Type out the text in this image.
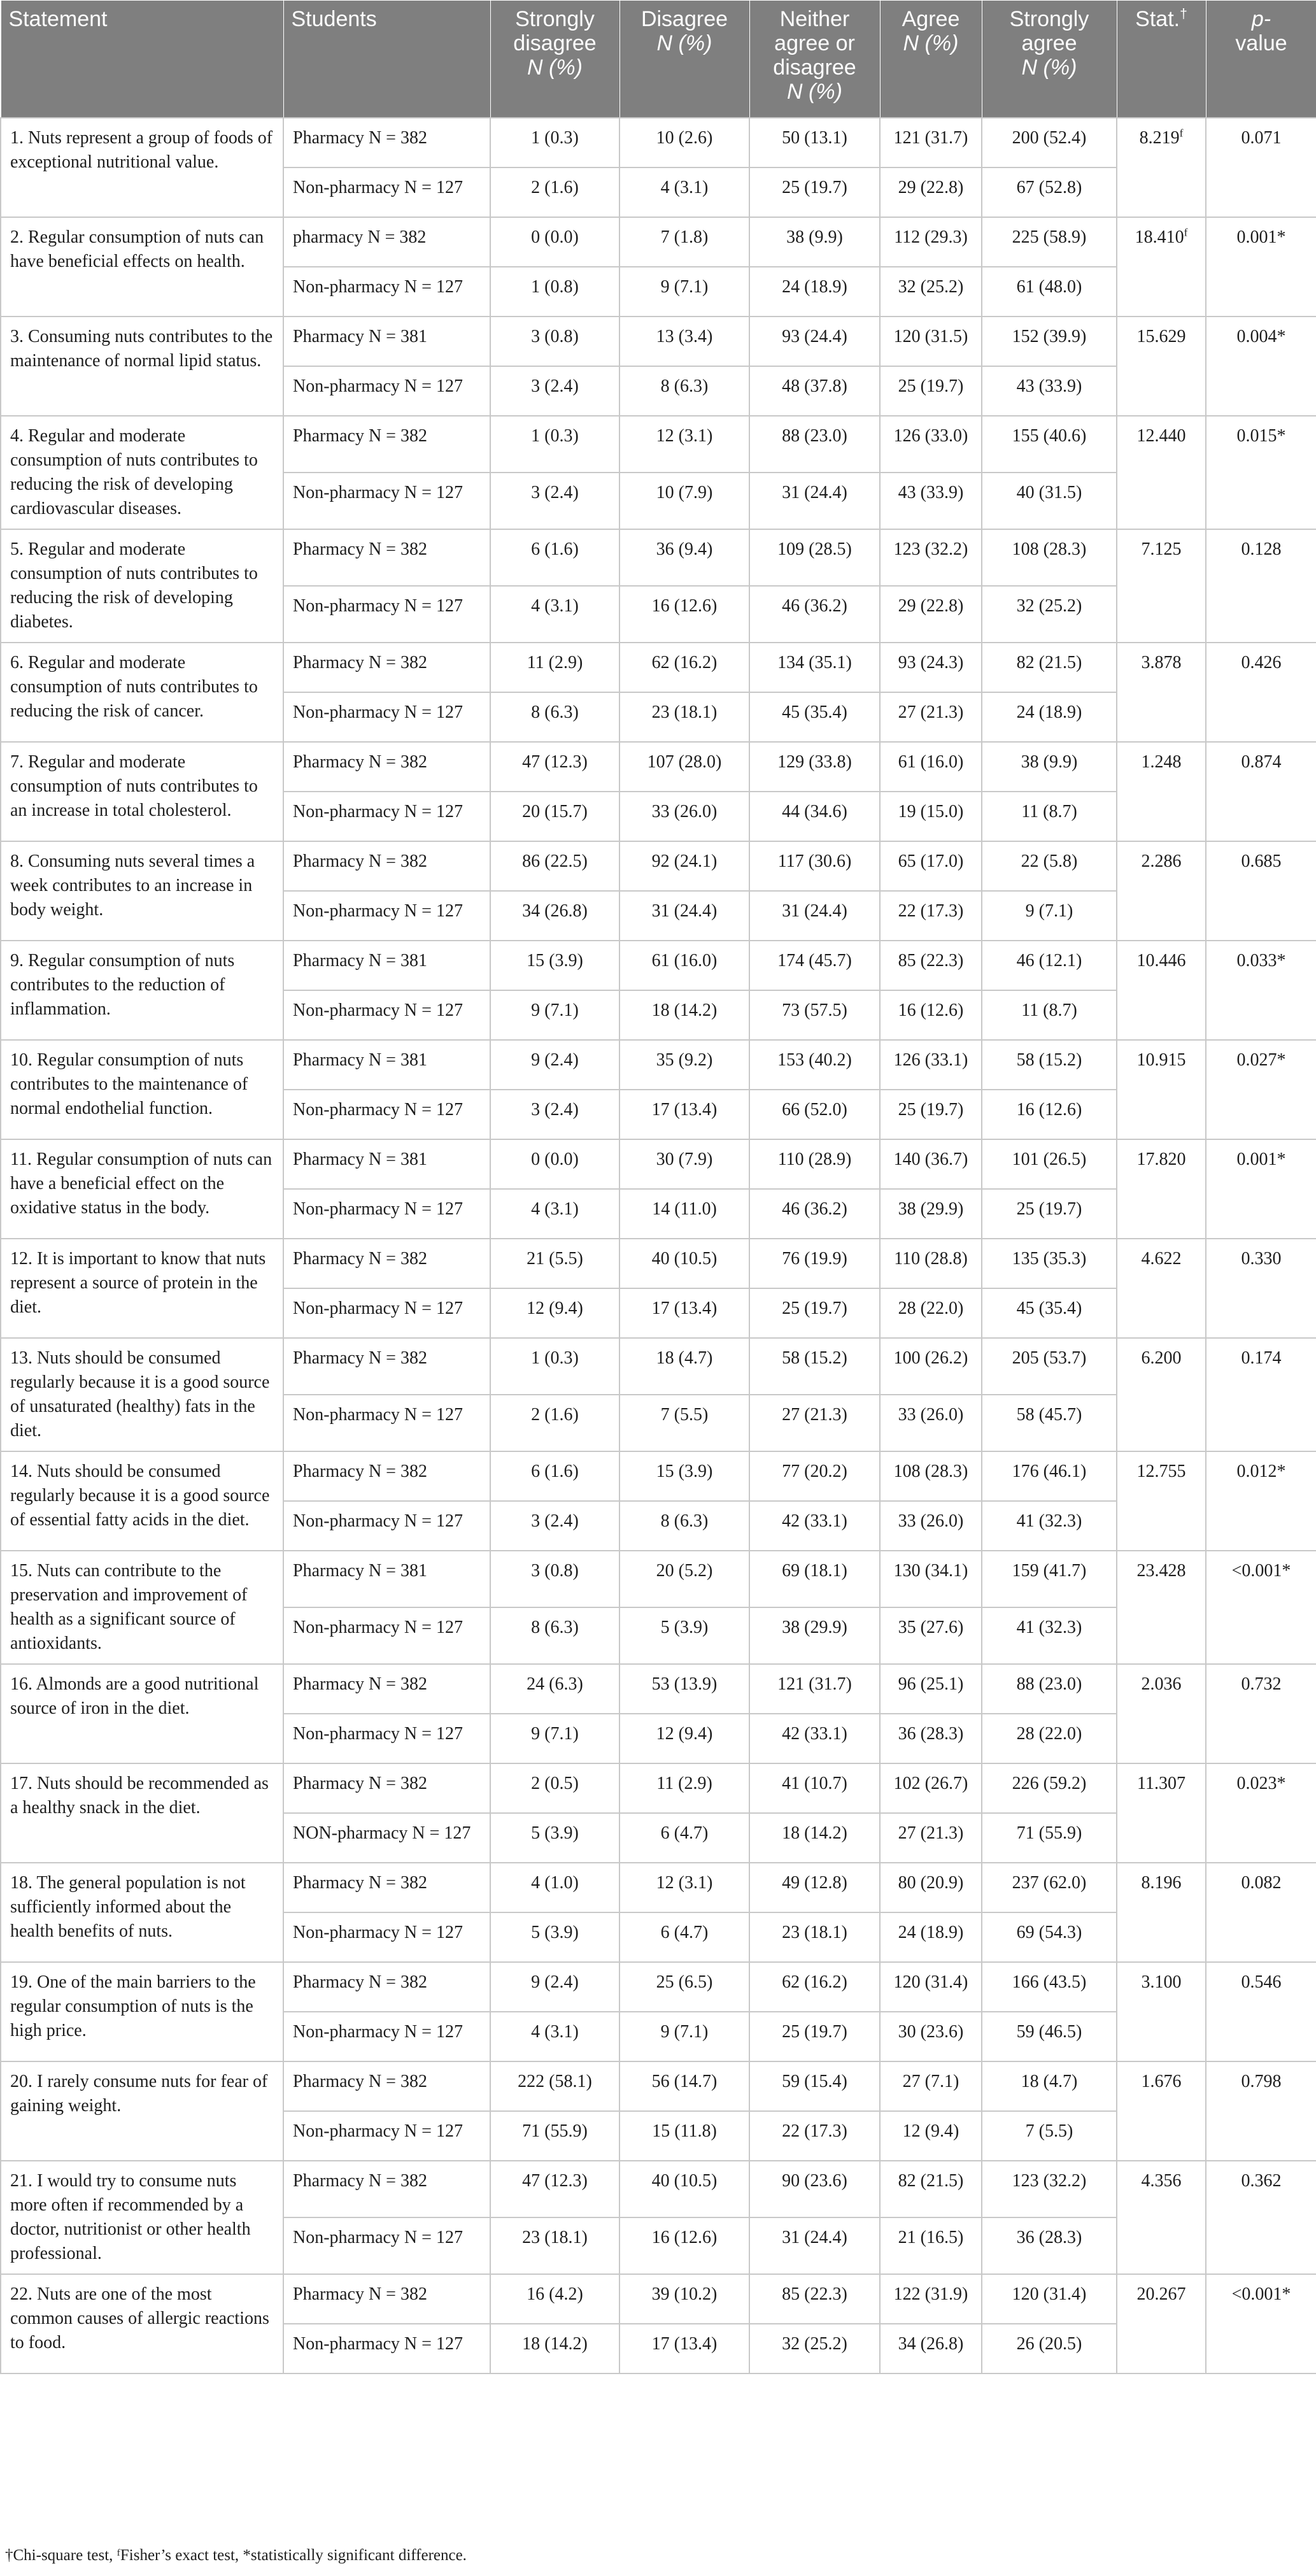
Statement	Students	Strongly
disagree
N (%)	Disagree
N (%)	Neither
agree or
disagree
N (%)	Agree
N (%)	Strongly
agree
N (%)	Stat.†	p-
value
1. Nuts represent a group of foods of exceptional nutritional value.	Pharmacy N = 382	1 (0.3)	10 (2.6)	50 (13.1)	121 (31.7)	200 (52.4)	8.219$^f$	0.071
	Non-pharmacy N = 127	2 (1.6)	4 (3.1)	25 (19.7)	29 (22.8)	67 (52.8)		
2. Regular consumption of nuts can have beneficial effects on health.	pharmacy N = 382	0 (0.0)	7 (1.8)	38 (9.9)	112 (29.3)	225 (58.9)	18.410$^f$	0.001*
	Non-pharmacy N = 127	1 (0.8)	9 (7.1)	24 (18.9)	32 (25.2)	61 (48.0)		
3. Consuming nuts contributes to the maintenance of normal lipid status.	Pharmacy N = 381	3 (0.8)	13 (3.4)	93 (24.4)	120 (31.5)	152 (39.9)	15.629	0.004*
	Non-pharmacy N = 127	3 (2.4)	8 (6.3)	48 (37.8)	25 (19.7)	43 (33.9)		
4. Regular and moderate consumption of nuts contributes to reducing the risk of developing cardiovascular diseases.	Pharmacy N = 382	1 (0.3)	12 (3.1)	88 (23.0)	126 (33.0)	155 (40.6)	12.440	0.015*
	Non-pharmacy N = 127	3 (2.4)	10 (7.9)	31 (24.4)	43 (33.9)	40 (31.5)		
5. Regular and moderate consumption of nuts contributes to reducing the risk of developing diabetes.	Pharmacy N = 382	6 (1.6)	36 (9.4)	109 (28.5)	123 (32.2)	108 (28.3)	7.125	0.128
	Non-pharmacy N = 127	4 (3.1)	16 (12.6)	46 (36.2)	29 (22.8)	32 (25.2)		
6. Regular and moderate consumption of nuts contributes to reducing the risk of cancer.	Pharmacy N = 382	11 (2.9)	62 (16.2)	134 (35.1)	93 (24.3)	82 (21.5)	3.878	0.426
	Non-pharmacy N = 127	8 (6.3)	23 (18.1)	45 (35.4)	27 (21.3)	24 (18.9)		
7. Regular and moderate consumption of nuts contributes to an increase in total cholesterol.	Pharmacy N = 382	47 (12.3)	107 (28.0)	129 (33.8)	61 (16.0)	38 (9.9)	1.248	0.874
	Non-pharmacy N = 127	20 (15.7)	33 (26.0)	44 (34.6)	19 (15.0)	11 (8.7)		
8. Consuming nuts several times a week contributes to an increase in body weight.	Pharmacy N = 382	86 (22.5)	92 (24.1)	117 (30.6)	65 (17.0)	22 (5.8)	2.286	0.685
	Non-pharmacy N = 127	34 (26.8)	31 (24.4)	31 (24.4)	22 (17.3)	9 (7.1)		
9. Regular consumption of nuts contributes to the reduction of inflammation.	Pharmacy N = 381	15 (3.9)	61 (16.0)	174 (45.7)	85 (22.3)	46 (12.1)	10.446	0.033*
	Non-pharmacy N = 127	9 (7.1)	18 (14.2)	73 (57.5)	16 (12.6)	11 (8.7)		
10. Regular consumption of nuts contributes to the maintenance of normal endothelial function.	Pharmacy N = 381	9 (2.4)	35 (9.2)	153 (40.2)	126 (33.1)	58 (15.2)	10.915	0.027*
	Non-pharmacy N = 127	3 (2.4)	17 (13.4)	66 (52.0)	25 (19.7)	16 (12.6)		
11. Regular consumption of nuts can have a beneficial effect on the oxidative status in the body.	Pharmacy N = 381	0 (0.0)	30 (7.9)	110 (28.9)	140 (36.7)	101 (26.5)	17.820	0.001*
	Non-pharmacy N = 127	4 (3.1)	14 (11.0)	46 (36.2)	38 (29.9)	25 (19.7)		
12. It is important to know that nuts represent a source of protein in the diet.	Pharmacy N = 382	21 (5.5)	40 (10.5)	76 (19.9)	110 (28.8)	135 (35.3)	4.622	0.330
	Non-pharmacy N = 127	12 (9.4)	17 (13.4)	25 (19.7)	28 (22.0)	45 (35.4)		
13. Nuts should be consumed regularly because it is a good source of unsaturated (healthy) fats in the diet.	Pharmacy N = 382	1 (0.3)	18 (4.7)	58 (15.2)	100 (26.2)	205 (53.7)	6.200	0.174
	Non-pharmacy N = 127	2 (1.6)	7 (5.5)	27 (21.3)	33 (26.0)	58 (45.7)		
14. Nuts should be consumed regularly because it is a good source of essential fatty acids in the diet.	Pharmacy N = 382	6 (1.6)	15 (3.9)	77 (20.2)	108 (28.3)	176 (46.1)	12.755	0.012*
	Non-pharmacy N = 127	3 (2.4)	8 (6.3)	42 (33.1)	33 (26.0)	41 (32.3)		
15. Nuts can contribute to the preservation and improvement of health as a significant source of antioxidants.	Pharmacy N = 381	3 (0.8)	20 (5.2)	69 (18.1)	130 (34.1)	159 (41.7)	23.428	<0.001*
	Non-pharmacy N = 127	8 (6.3)	5 (3.9)	38 (29.9)	35 (27.6)	41 (32.3)		
16. Almonds are a good nutritional source of iron in the diet.	Pharmacy N = 382	24 (6.3)	53 (13.9)	121 (31.7)	96 (25.1)	88 (23.0)	2.036	0.732
	Non-pharmacy N = 127	9 (7.1)	12 (9.4)	42 (33.1)	36 (28.3)	28 (22.0)		
17. Nuts should be recommended as a healthy snack in the diet.	Pharmacy N = 382	2 (0.5)	11 (2.9)	41 (10.7)	102 (26.7)	226 (59.2)	11.307	0.023*
	NON-pharmacy N = 127	5 (3.9)	6 (4.7)	18 (14.2)	27 (21.3)	71 (55.9)		
18. The general population is not sufficiently informed about the health benefits of nuts.	Pharmacy N = 382	4 (1.0)	12 (3.1)	49 (12.8)	80 (20.9)	237 (62.0)	8.196	0.082
	Non-pharmacy N = 127	5 (3.9)	6 (4.7)	23 (18.1)	24 (18.9)	69 (54.3)		
19. One of the main barriers to the regular consumption of nuts is the high price.	Pharmacy N = 382	9 (2.4)	25 (6.5)	62 (16.2)	120 (31.4)	166 (43.5)	3.100	0.546
	Non-pharmacy N = 127	4 (3.1)	9 (7.1)	25 (19.7)	30 (23.6)	59 (46.5)		
20. I rarely consume nuts for fear of gaining weight.	Pharmacy N = 382	222 (58.1)	56 (14.7)	59 (15.4)	27 (7.1)	18 (4.7)	1.676	0.798
	Non-pharmacy N = 127	71 (55.9)	15 (11.8)	22 (17.3)	12 (9.4)	7 (5.5)		
21. I would try to consume nuts more often if recommended by a doctor, nutritionist or other health professional.	Pharmacy N = 382	47 (12.3)	40 (10.5)	90 (23.6)	82 (21.5)	123 (32.2)	4.356	0.362
	Non-pharmacy N = 127	23 (18.1)	16 (12.6)	31 (24.4)	21 (16.5)	36 (28.3)		
22. Nuts are one of the most common causes of allergic reactions to food.	Pharmacy N = 382	16 (4.2)	39 (10.2)	85 (22.3)	122 (31.9)	120 (31.4)	20.267	<0.001*
	Non-pharmacy N = 127	18 (14.2)	17 (13.4)	32 (25.2)	34 (26.8)	26 (20.5)		
†Chi-square test, ᶠFisher’s exact test, *statistically significant difference.
